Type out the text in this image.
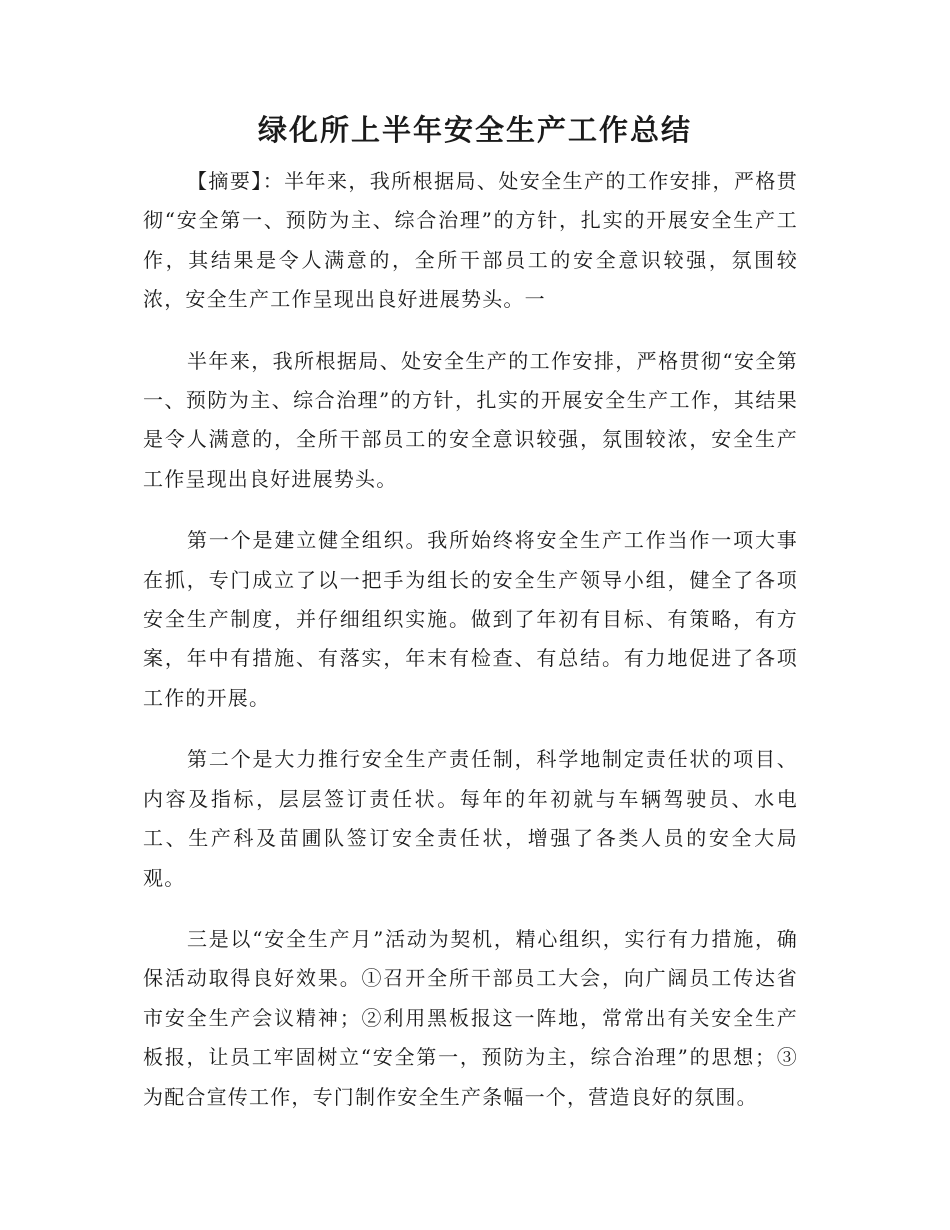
绿化所上半年安全生产工作总结

【摘要】：半年来，我所根据局、处安全生产的工作安排，严格贯彻“安全第一、预防为主、综合治理”的方针，扎实的开展安全生产工作，其结果是令人满意的，全所干部员工的安全意识较强，氛围较浓，安全生产工作呈现出良好进展势头。一

半年来，我所根据局、处安全生产的工作安排，严格贯彻“安全第一、预防为主、综合治理”的方针，扎实的开展安全生产工作，其结果是令人满意的，全所干部员工的安全意识较强，氛围较浓，安全生产工作呈现出良好进展势头。

第一个是建立健全组织。我所始终将安全生产工作当作一项大事在抓，专门成立了以一把手为组长的安全生产领导小组，健全了各项安全生产制度，并仔细组织实施。做到了年初有目标、有策略，有方案，年中有措施、有落实，年末有检查、有总结。有力地促进了各项工作的开展。

第二个是大力推行安全生产责任制，科学地制定责任状的项目、内容及指标，层层签订责任状。每年的年初就与车辆驾驶员、水电工、生产科及苗圃队签订安全责任状，增强了各类人员的安全大局观。

三是以“安全生产月”活动为契机，精心组织，实行有力措施，确保活动取得良好效果。①召开全所干部员工大会，向广阔员工传达省市安全生产会议精神；②利用黑板报这一阵地，常常出有关安全生产板报，让员工牢固树立“安全第一，预防为主，综合治理”的思想；③为配合宣传工作，专门制作安全生产条幅一个，营造良好的氛围。
